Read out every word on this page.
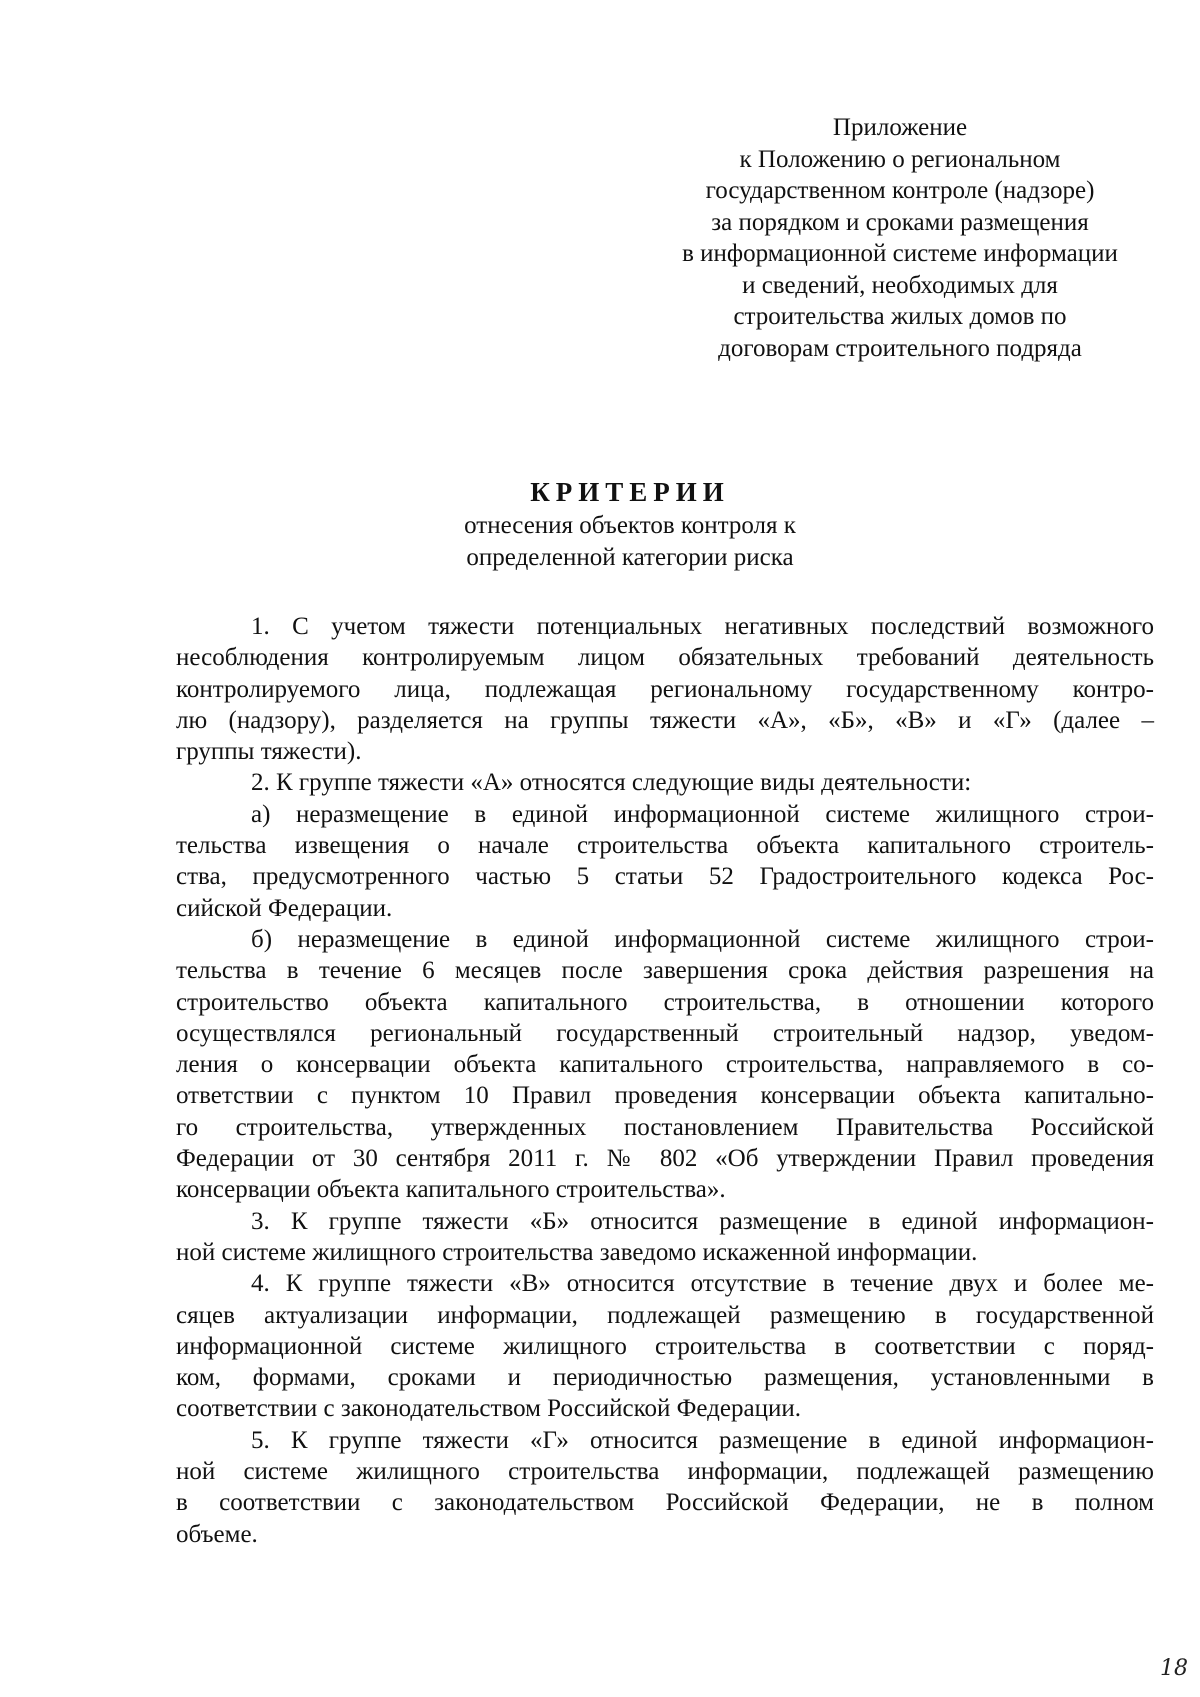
Приложение
к Положению о региональном
государственном контроле (надзоре)
за порядком и сроками размещения
в информационной системе информации
и сведений, необходимых для
строительства жилых домов по
договорам строительного подряда
КРИТЕРИИ
отнесения объектов контроля к
определенной категории риска
1. С учетом тяжести потенциальных негативных последствий возможного
несоблюдения контролируемым лицом обязательных требований деятельность
контролируемого лица, подлежащая региональному государственному контро-
лю (надзору), разделяется на группы тяжести «А», «Б», «В» и «Г» (далее –
группы тяжести).
2. К группе тяжести «А» относятся следующие виды деятельности:
а) неразмещение в единой информационной системе жилищного строи-
тельства извещения о начале строительства объекта капитального строитель-
ства, предусмотренного частью 5 статьи 52 Градостроительного кодекса Рос-
сийской Федерации.
б) неразмещение в единой информационной системе жилищного строи-
тельства в течение 6 месяцев после завершения срока действия разрешения на
строительство объекта капитального строительства, в отношении которого
осуществлялся региональный государственный строительный надзор, уведом-
ления о консервации объекта капитального строительства, направляемого в со-
ответствии с пунктом 10 Правил проведения консервации объекта капитально-
го строительства, утвержденных постановлением Правительства Российской
Федерации от 30 сентября 2011 г. № 802 «Об утверждении Правил проведения
консервации объекта капитального строительства».
3. К группе тяжести «Б» относится размещение в единой информацион-
ной системе жилищного строительства заведомо искаженной информации.
4. К группе тяжести «В» относится отсутствие в течение двух и более ме-
сяцев актуализации информации, подлежащей размещению в государственной
информационной системе жилищного строительства в соответствии с поряд-
ком, формами, сроками и периодичностью размещения, установленными в
соответствии с законодательством Российской Федерации.
5. К группе тяжести «Г» относится размещение в единой информацион-
ной системе жилищного строительства информации, подлежащей размещению
в соответствии с законодательством Российской Федерации, не в полном
объеме.
18
